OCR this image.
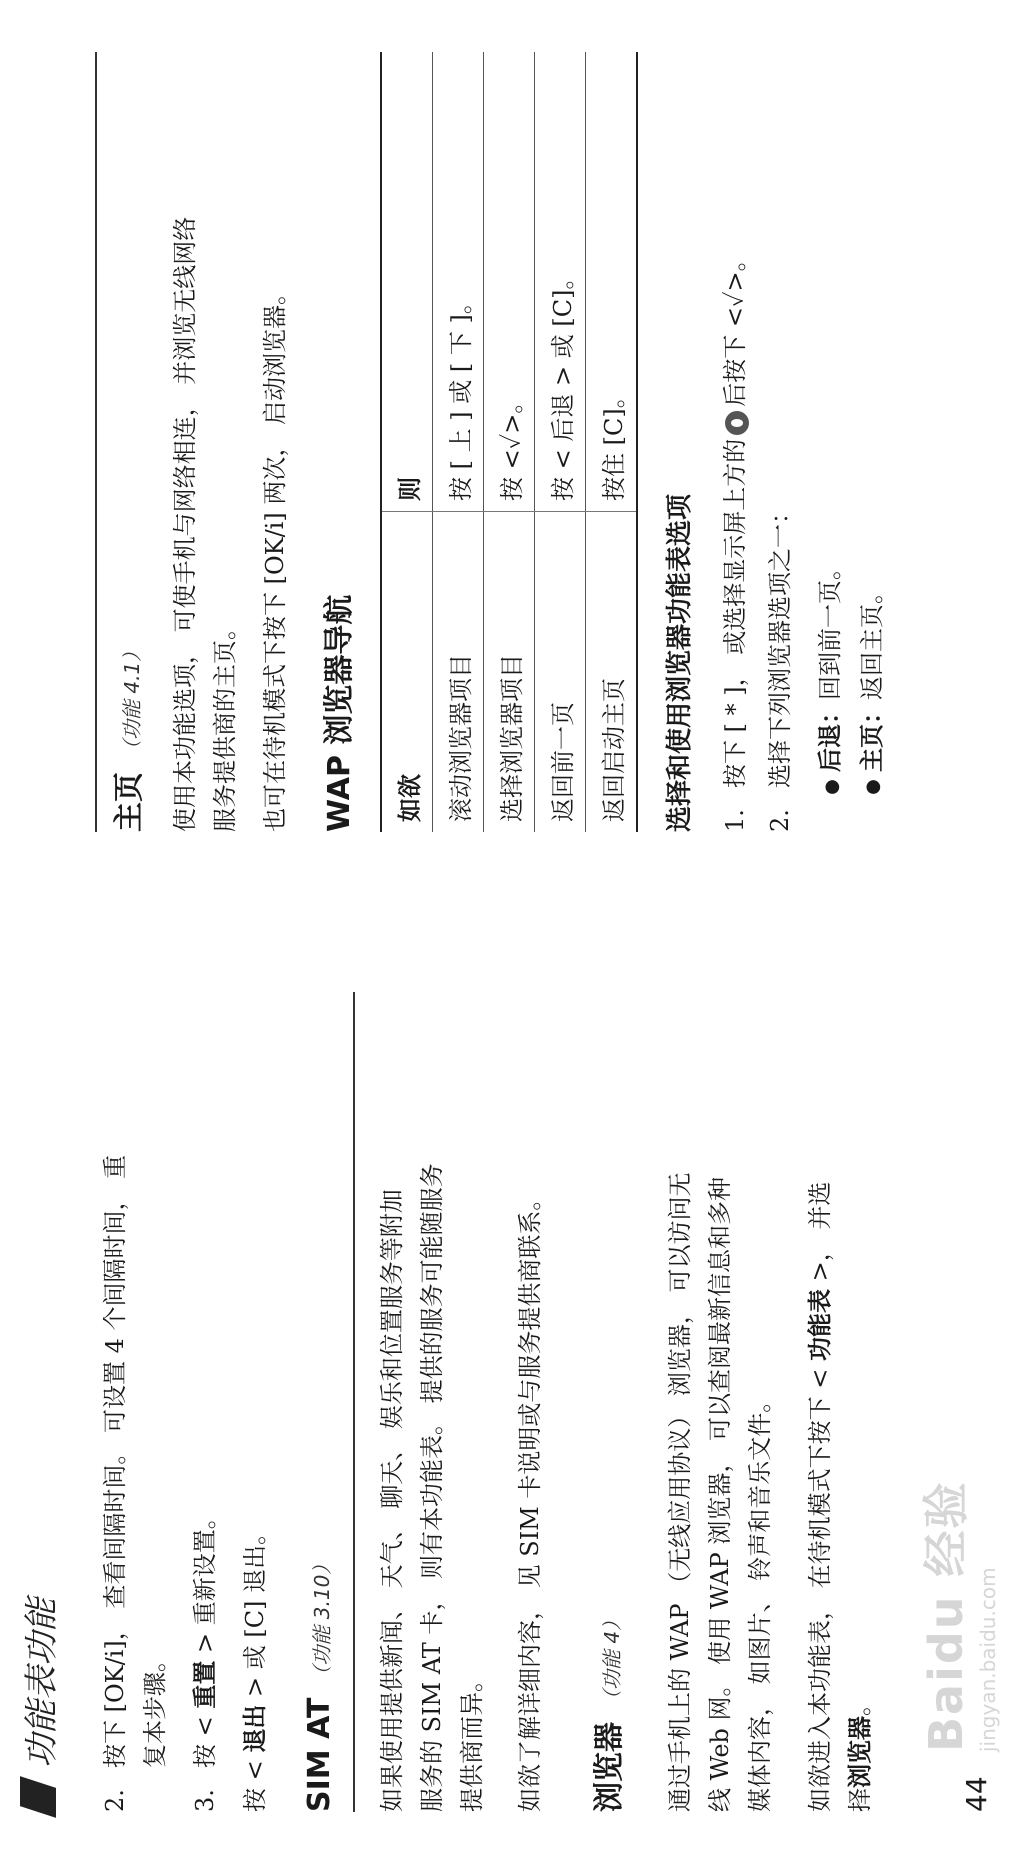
功能表功能

2.按下 [OK/i]， 查看间隔时间。 可设置 4 个间隔时间， 重 复本步骤。

3.按 < 重置 > 重新设置。

按 < 退出 > 或 [C] 退出。

SIM AT（功能 3.10）	如果使用提供新闻、 天气、 聊天、 娱乐和位置服务等附加 服务的 SIM AT 卡， 则有本功能表。 提供的服务可能随服务 提供商而异。 如欲了解详细内容， 见 SIM 卡说明或与服务提供商联系。 浏览器（功能 4）	通过手机上的 WAP （无线应用协议） 浏览器， 可以访问无 线 Web 网。 使用 WAP 浏览器， 可以查阅最新信息和多种 媒体内容， 如图片、 铃声和音乐文件。 如欲进入本功能表， 在待机模式下按下 < 功能表 >， 并选

择浏览器。

44
Baidu 经验 jingyan.baidu.com
主页（功能 4.1）	使用本功能选项， 可使手机与网络相连， 并浏览无线网络 服务提供商的主页。 也可在待机模式下按下 [OK/i] 两次， 启动浏览器。 WAP 浏览器导航 如欲	则
滚动浏览器项目	按 [ 上 ] 或 [ 下 ]。
选择浏览器项目	按 <✓>。
返回前一页	按 < 后退 > 或 [C]。
返回启动主页	按住 [C]。
选择和使用浏览器功能表选项 1.按下 [ * ]， 或选择显示屏上方的后按下 <✓>。

2.选择下列浏览器选项之一：	●后退：回到前一页。

●主页：返回主页。
